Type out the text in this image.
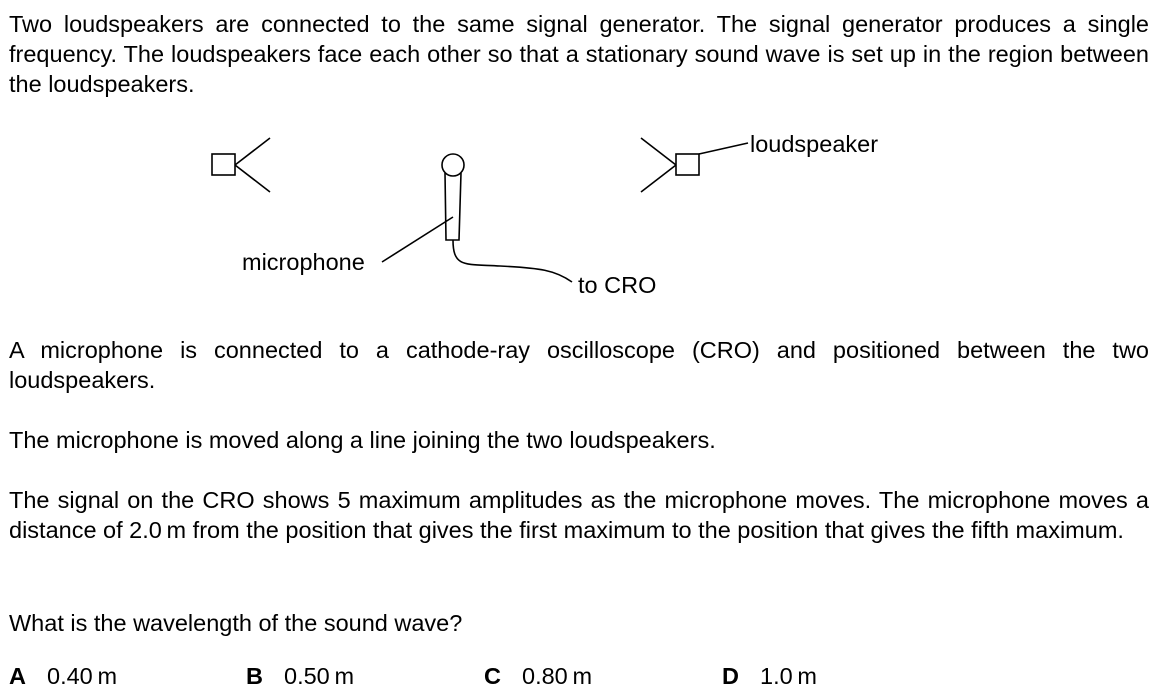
Two loudspeakers are connected to the same signal generator. The signal generator produces a single frequency. The loudspeakers face each other so that a stationary sound wave is set up in the region between the loudspeakers.

loudspeaker
microphone
to CRO

A microphone is connected to a cathode-ray oscilloscope (CRO) and positioned between the two loudspeakers.

The microphone is moved along a line joining the two loudspeakers.

The signal on the CRO shows 5 maximum amplitudes as the microphone moves. The microphone moves a distance of 2.0 m from the position that gives the first maximum to the position that gives the fifth maximum.

What is the wavelength of the sound wave?

A 0.40 m	B 0.50 m	C 0.80 m	D 1.0 m
